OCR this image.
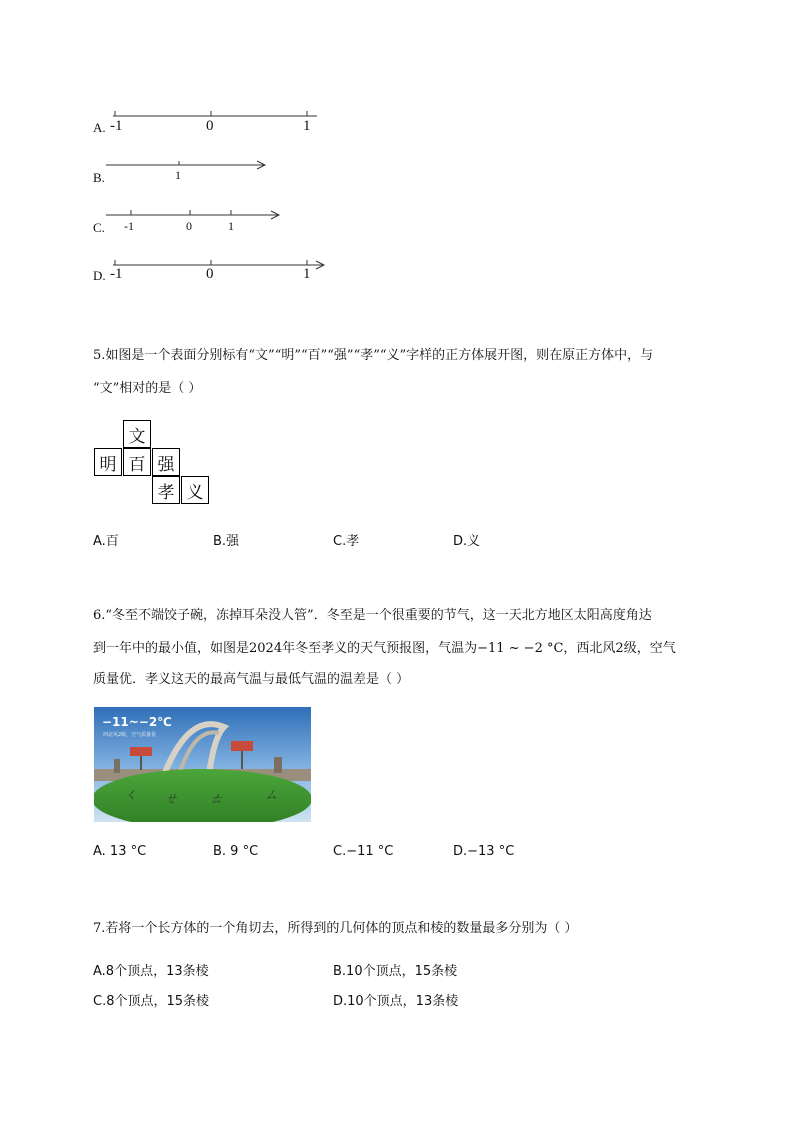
A. -1	0	1
B.	1
C. -1	0	1
D. -1	0	1
5.如图是一个表面分别标有“文”“明”“百”“强”“孝”“义”字样的正方体展开图，则在原正方体中，与
“文”相对的是（ ）
文
明 百 强
孝 义
A.百	B.强	C.孝	D.义
6.“冬至不端饺子碗，冻掉耳朵没人管”．冬至是一个很重要的节气，这一天北方地区太阳高度角达
到一年中的最小值，如图是2024年冬至孝义的天气预报图，气温为−11 ~ −2 °C，西北风2级，空气
质量优．孝义这天的最高气温与最低气温的温差是（ ）
ㄑ ㄝ ㄊ	ㄙ
−11~−2℃
西北风2级，空气质量优
A. 13 °C	B. 9 °C	C.−11 °C	D.−13 °C
7.若将一个长方体的一个角切去，所得到的几何体的顶点和棱的数量最多分别为（ ）
A.8个顶点，13条棱	B.10个顶点，15条棱
C.8个顶点，15条棱	D.10个顶点，13条棱
